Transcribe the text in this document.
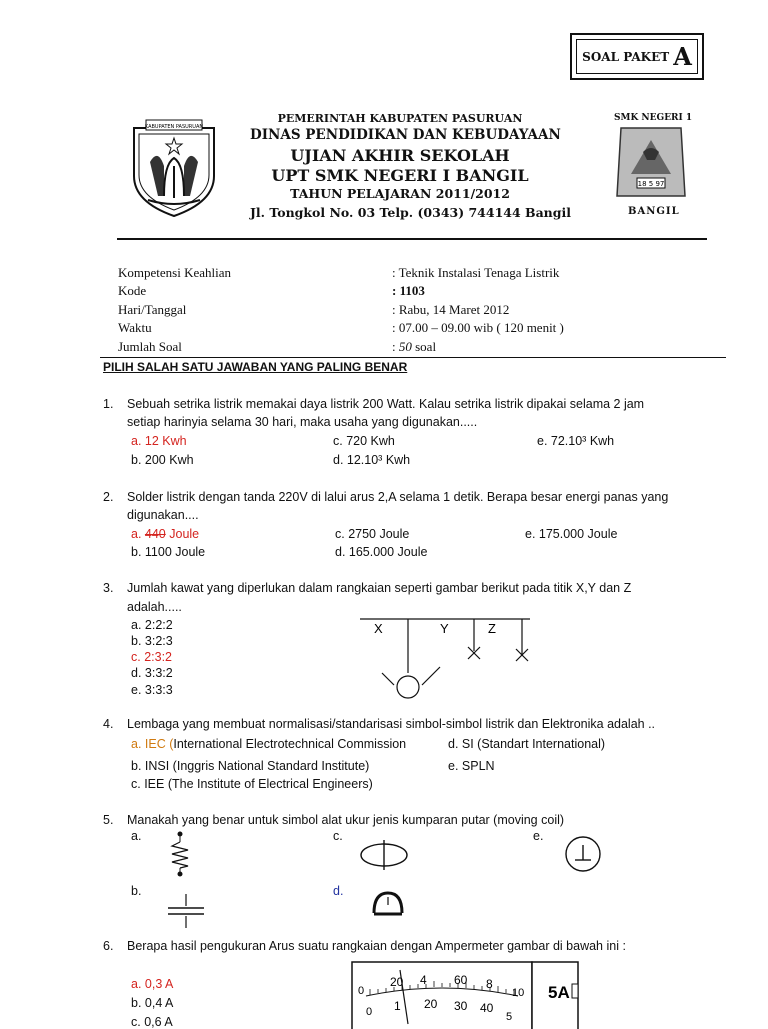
SOAL PAKET A
KABUPATEN PASURUAN
PEMERINTAH KABUPATEN PASURUAN
DINAS PENDIDIKAN DAN KEBUDAYAAN
UJIAN AKHIR SEKOLAH
UPT SMK NEGERI I BANGIL
TAHUN PELAJARAN 2011/2012
Jl. Tongkol No. 03 Telp. (0343) 744144 Bangil
SMK NEGERI 1
18 5 97
BANGIL
Kompetensi Keahlian	: Teknik Instalasi Tenaga Listrik
Kode	: 1103
Hari/Tanggal	: Rabu, 14 Maret 2012
Waktu	: 07.00 – 09.00 wib ( 120 menit )
Jumlah Soal	: 50 soal
PILIH SALAH SATU JAWABAN YANG PALING BENAR
1. Sebuah setrika listrik memakai daya listrik 200 Watt. Kalau setrika listrik dipakai selama 2 jam
setiap harinyia selama 30 hari, maka usaha yang digunakan.....
a. 12 Kwh	c. 720 Kwh	e. 72.10³ Kwh
b. 200 Kwh	d. 12.10³ Kwh
2. Solder listrik dengan tanda 220V di lalui arus 2,A selama 1 detik. Berapa besar energi panas yang
digunakan....
a. 440 Joule	c. 2750 Joule	e. 175.000 Joule
b. 1100 Joule	d. 165.000 Joule
3. Jumlah kawat yang diperlukan dalam rangkaian seperti gambar berikut pada titik X,Y dan Z
adalah.....
a. 2:2:2
b. 3:2:3
c. 2:3:2
d. 3:3:2
e. 3:3:3
X	Y	Z
4. Lembaga yang membuat normalisasi/standarisasi simbol-simbol listrik dan Elektronika adalah ..
a. IEC (International Electrotechnical Commission	d. SI (Standart International)
b. INSI (Inggris National Standard Institute)	e. SPLN
c. IEE (The Institute of Electrical Engineers)
5. Manakah yang benar untuk simbol alat ukur jenis kumparan putar (moving coil)
a.	c.	e.
b.	d.
6. Berapa hasil pengukuran Arus suatu rangkaian dengan Ampermeter gambar di bawah ini :
a. 0,3 A
b. 0,4 A
c. 0,6 A
0
20 4 60 8
10
0 1 20 30 40
5
5A
